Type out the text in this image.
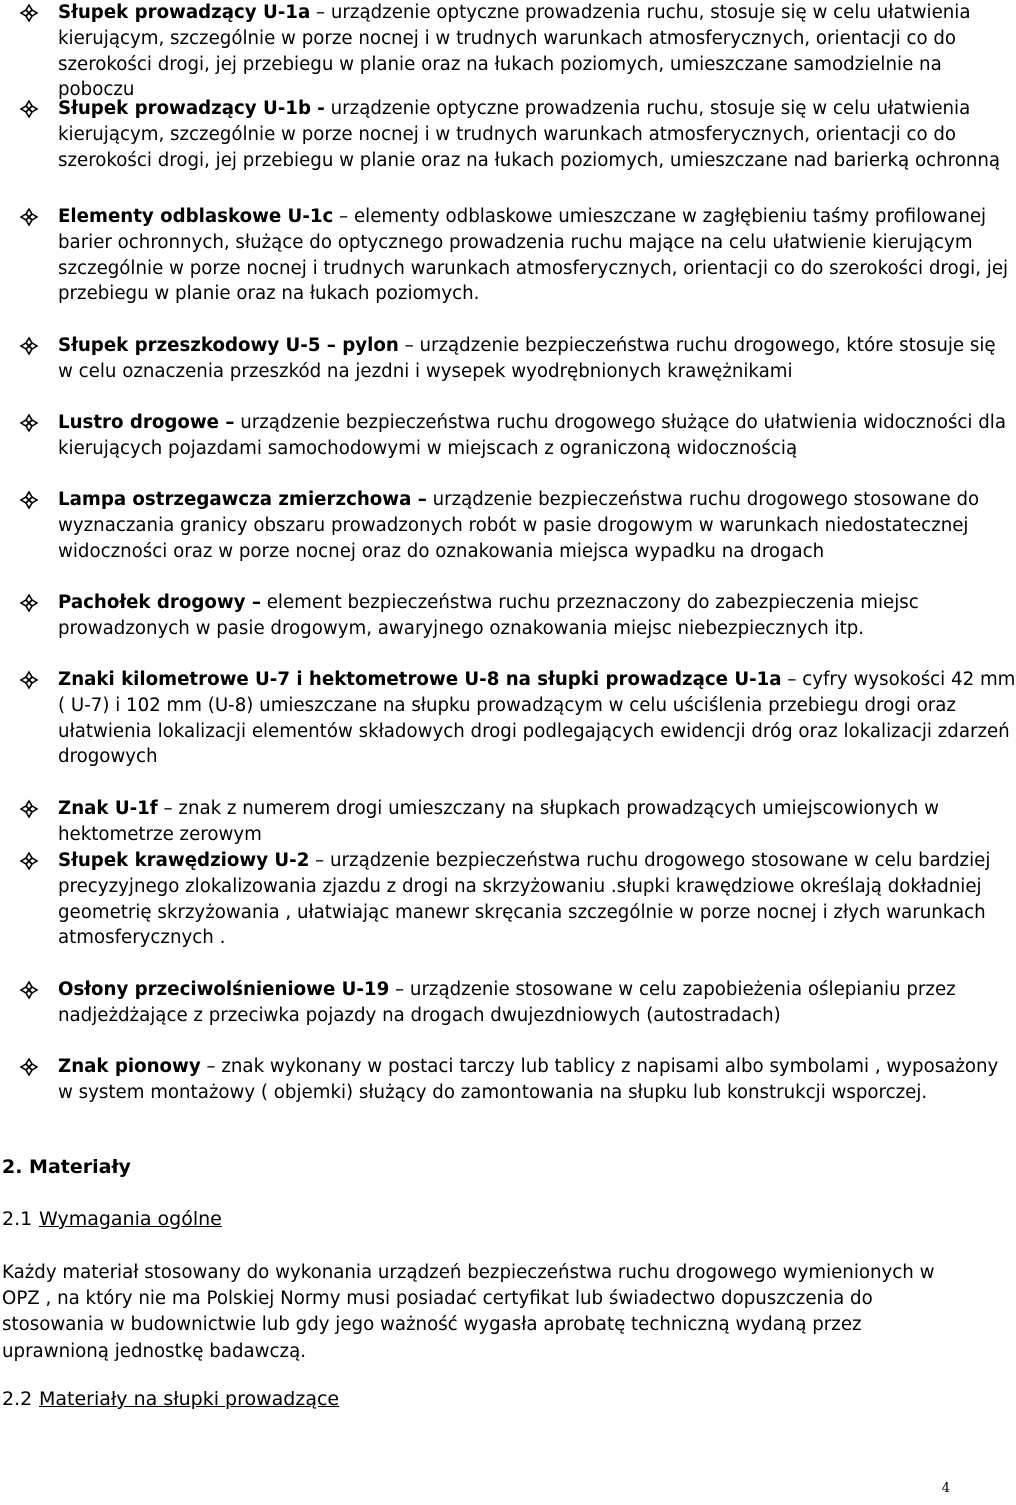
Słupek prowadzący U-1a – urządzenie optyczne prowadzenia ruchu, stosuje się w celu ułatwienia kierującym, szczególnie w porze nocnej i w trudnych warunkach atmosferycznych, orientacji co do szerokości drogi, jej przebiegu w planie oraz na łukach poziomych, umieszczane samodzielnie na poboczu
Słupek prowadzący U-1b - urządzenie optyczne prowadzenia ruchu, stosuje się w celu ułatwienia kierującym, szczególnie w porze nocnej i w trudnych warunkach atmosferycznych, orientacji co do szerokości drogi, jej przebiegu w planie oraz na łukach poziomych, umieszczane nad barierką ochronną
Elementy odblaskowe U-1c – elementy odblaskowe umieszczane w zagłębieniu taśmy profilowanej barier ochronnych, służące do optycznego prowadzenia ruchu mające na celu ułatwienie kierującym szczególnie w porze nocnej i trudnych warunkach atmosferycznych, orientacji co do szerokości drogi, jej przebiegu w planie oraz na łukach poziomych.
Słupek przeszkodowy U-5 – pylon – urządzenie bezpieczeństwa ruchu drogowego, które stosuje się w celu oznaczenia przeszkód na jezdni i wysepek wyodrębnionych krawężnikami
Lustro drogowe – urządzenie bezpieczeństwa ruchu drogowego służące do ułatwienia widoczności dla kierujących pojazdami samochodowymi w miejscach z ograniczoną widocznością
Lampa ostrzegawcza zmierzchowa – urządzenie bezpieczeństwa ruchu drogowego stosowane do wyznaczania granicy obszaru prowadzonych robót w pasie drogowym w warunkach niedostatecznej widoczności oraz w porze nocnej oraz do oznakowania miejsca wypadku na drogach
Pachołek drogowy – element bezpieczeństwa ruchu przeznaczony do zabezpieczenia miejsc prowadzonych w pasie drogowym, awaryjnego oznakowania miejsc niebezpiecznych itp.
Znaki kilometrowe U-7 i hektometrowe U-8 na słupki prowadzące U-1a – cyfry wysokości 42 mm ( U-7) i 102 mm (U-8) umieszczane na słupku prowadzącym w celu uściślenia przebiegu drogi oraz ułatwienia lokalizacji elementów składowych drogi podlegających ewidencji dróg oraz lokalizacji zdarzeń drogowych
Znak U-1f – znak z numerem drogi umieszczany na słupkach prowadzących umiejscowionych w hektometrze zerowym
Słupek krawędziowy U-2 – urządzenie bezpieczeństwa ruchu drogowego stosowane w celu bardziej precyzyjnego zlokalizowania zjazdu z drogi na skrzyżowaniu .słupki krawędziowe określają dokładniej geometrię skrzyżowania , ułatwiając manewr skręcania szczególnie w porze nocnej i złych warunkach atmosferycznych .
Osłony przeciwolśnieniowe U-19 – urządzenie stosowane w celu zapobieżenia oślepianiu przez nadjeżdżające z przeciwka pojazdy na drogach dwujezdniowych (autostradach)
Znak pionowy – znak wykonany w postaci tarczy lub tablicy z napisami albo symbolami , wyposażony w system montażowy ( objemki) służący do zamontowania na słupku lub konstrukcji wsporczej.
2. Materiały
2.1 Wymagania ogólne
Każdy materiał stosowany do wykonania urządzeń bezpieczeństwa ruchu drogowego wymienionych w OPZ , na który nie ma Polskiej Normy musi posiadać certyfikat lub świadectwo dopuszczenia do stosowania w budownictwie lub gdy jego ważność wygasła aprobatę techniczną wydaną przez uprawnioną jednostkę badawczą.
2.2 Materiały na słupki prowadzące
4
